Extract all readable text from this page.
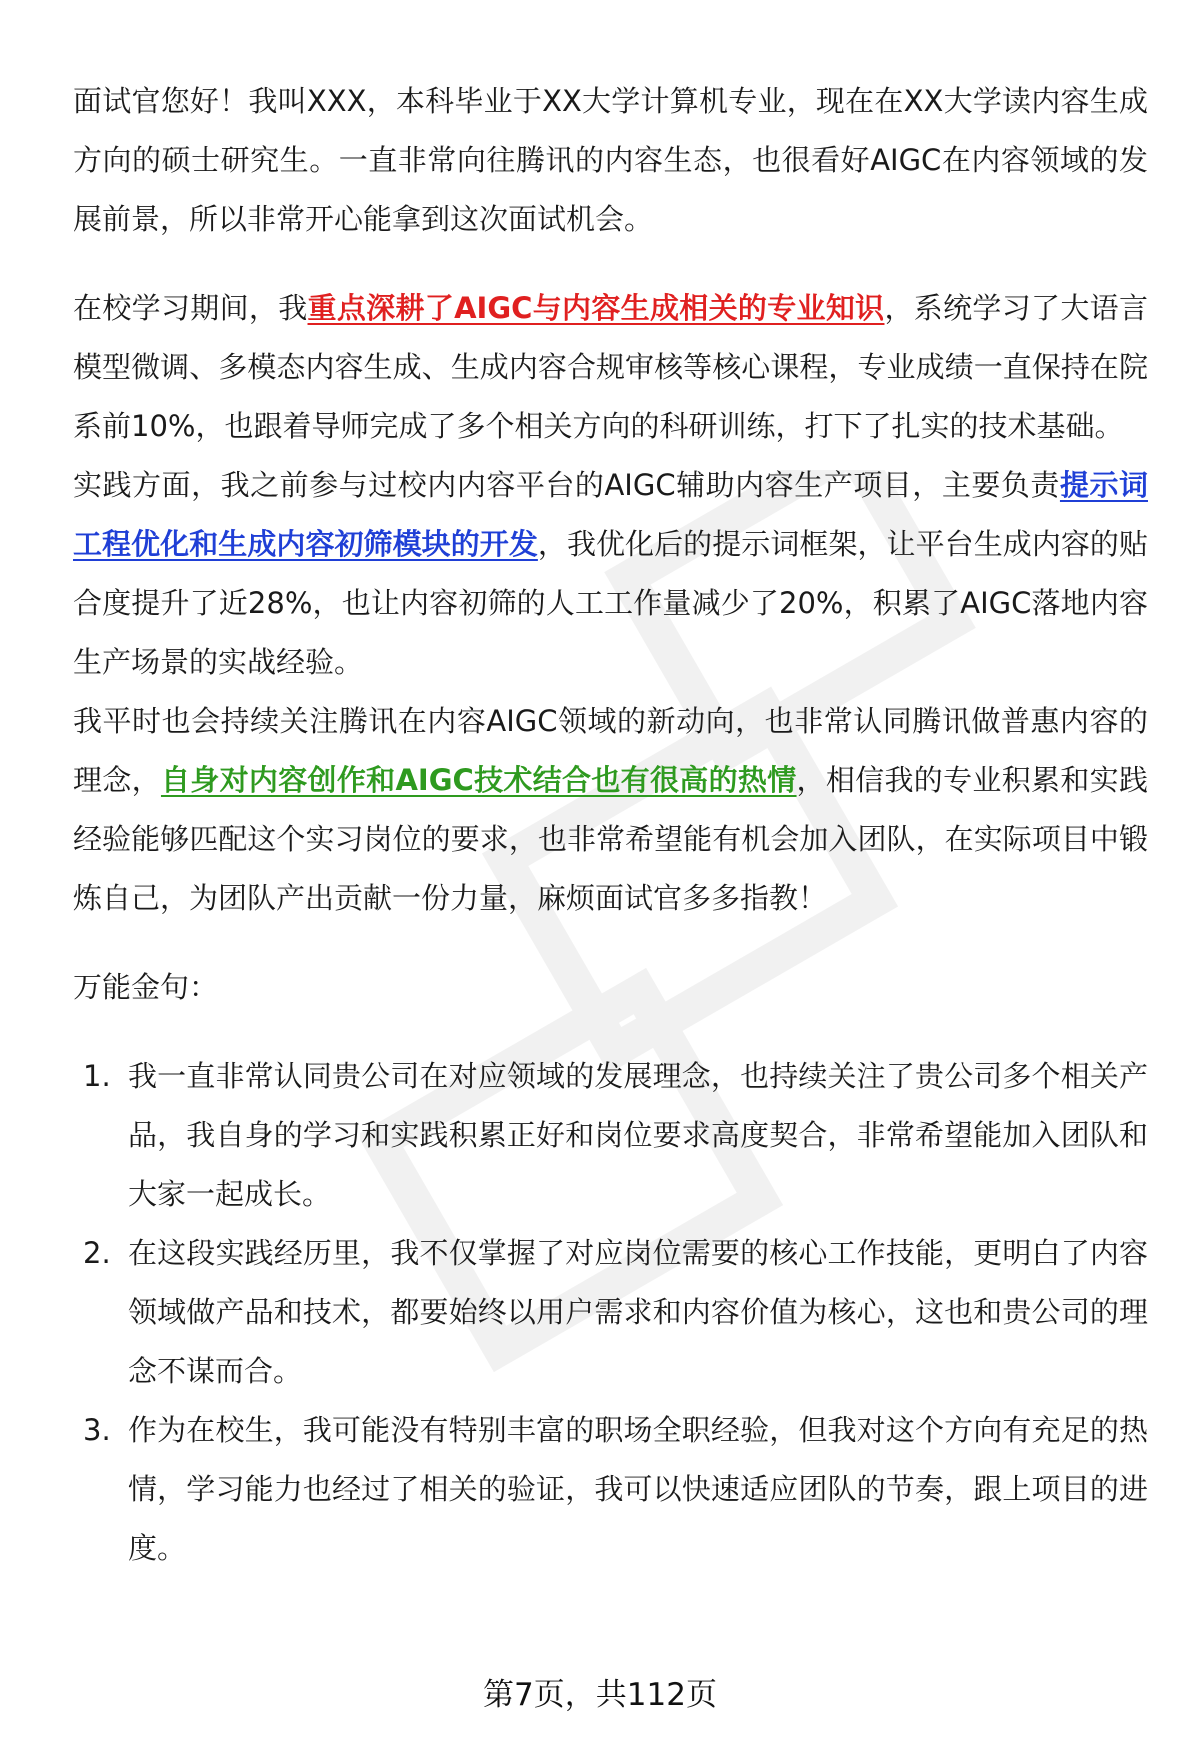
面试官您好！我叫XXX，本科毕业于XX大学计算机专业，现在在XX大学读内容生成方向的硕士研究生。一直非常向往腾讯的内容生态，也很看好AIGC在内容领域的发展前景，所以非常开心能拿到这次面试机会。

在校学习期间，我重点深耕了AIGC与内容生成相关的专业知识，系统学习了大语言模型微调、多模态内容生成、生成内容合规审核等核心课程，专业成绩一直保持在院系前10%，也跟着导师完成了多个相关方向的科研训练，打下了扎实的技术基础。

实践方面，我之前参与过校内内容平台的AIGC辅助内容生产项目，主要负责提示词工程优化和生成内容初筛模块的开发，我优化后的提示词框架，让平台生成内容的贴合度提升了近28%，也让内容初筛的人工工作量减少了20%，积累了AIGC落地内容生产场景的实战经验。

我平时也会持续关注腾讯在内容AIGC领域的新动向，也非常认同腾讯做普惠内容的理念，自身对内容创作和AIGC技术结合也有很高的热情，相信我的专业积累和实践经验能够匹配这个实习岗位的要求，也非常希望能有机会加入团队，在实际项目中锻炼自己，为团队产出贡献一份力量，麻烦面试官多多指教！

万能金句：

1. 我一直非常认同贵公司在对应领域的发展理念，也持续关注了贵公司多个相关产品，我自身的学习和实践积累正好和岗位要求高度契合，非常希望能加入团队和大家一起成长。
2. 在这段实践经历里，我不仅掌握了对应岗位需要的核心工作技能，更明白了内容领域做产品和技术，都要始终以用户需求和内容价值为核心，这也和贵公司的理念不谋而合。
3. 作为在校生，我可能没有特别丰富的职场全职经验，但我对这个方向有充足的热情，学习能力也经过了相关的验证，我可以快速适应团队的节奏，跟上项目的进度。
第7页，共112页
